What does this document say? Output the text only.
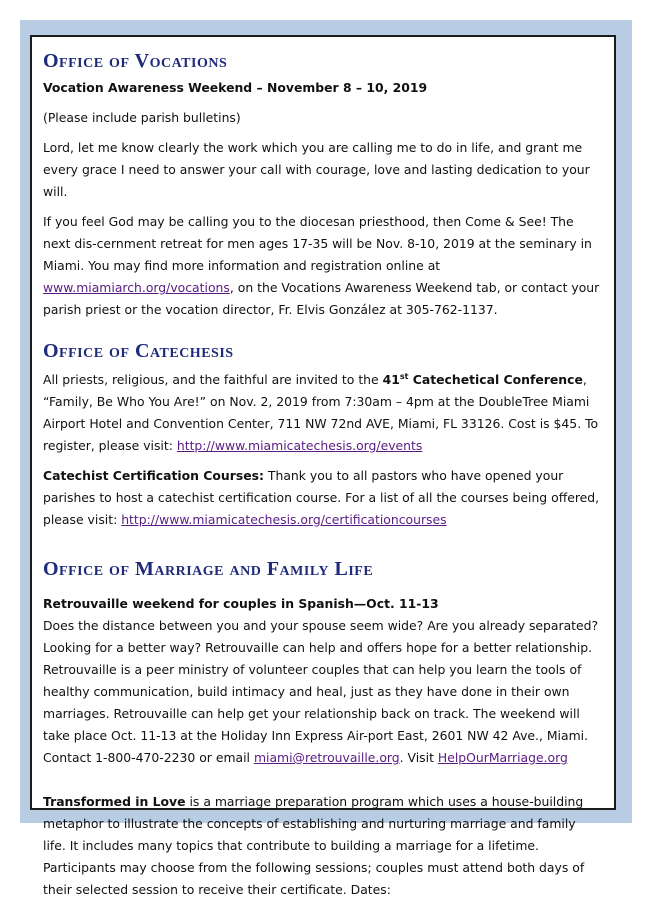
Office of Vocations

Vocation Awareness Weekend – November 8 – 10, 2019

(Please include parish bulletins)

Lord, let me know clearly the work which you are calling me to do in life, and grant me every grace I need to answer your call with courage, love and lasting dedication to your will.

If you feel God may be calling you to the diocesan priesthood, then Come & See! The next dis-cernment retreat for men ages 17-35 will be Nov. 8-10, 2019 at the seminary in Miami. You may find more information and registration online at www.miamiarch.org/vocations, on the Vocations Awareness Weekend tab, or contact your parish priest or the vocation director, Fr. Elvis González at 305-762-1137.

Office of Catechesis

All priests, religious, and the faithful are invited to the 41st Catechetical Conference, “Family, Be Who You Are!” on Nov. 2, 2019 from 7:30am – 4pm at the DoubleTree Miami Airport Hotel and Convention Center, 711 NW 72nd AVE, Miami, FL 33126. Cost is $45. To register, please visit: http://www.miamicatechesis.org/events

Catechist Certification Courses: Thank you to all pastors who have opened your parishes to host a catechist certification course. For a list of all the courses being offered, please visit: http://www.miamicatechesis.org/certificationcourses

Office of Marriage and Family Life

Retrouvaille weekend for couples in Spanish—Oct. 11-13

Does the distance between you and your spouse seem wide? Are you already separated? Looking for a better way? Retrouvaille can help and offers hope for a better relationship. Retrouvaille is a peer ministry of volunteer couples that can help you learn the tools of healthy communication, build intimacy and heal, just as they have done in their own marriages. Retrouvaille can help get your relationship back on track. The weekend will take place Oct. 11-13 at the Holiday Inn Express Air-port East, 2601 NW 42 Ave., Miami. Contact 1-800-470-2230 or email miami@retrouvaille.org. Visit HelpOurMarriage.org

Transformed in Love is a marriage preparation program which uses a house-building metaphor to illustrate the concepts of establishing and nurturing marriage and family life. It includes many topics that contribute to building a marriage for a lifetime. Participants may choose from the following sessions; couples must attend both days of their selected session to receive their certificate. Dates:
